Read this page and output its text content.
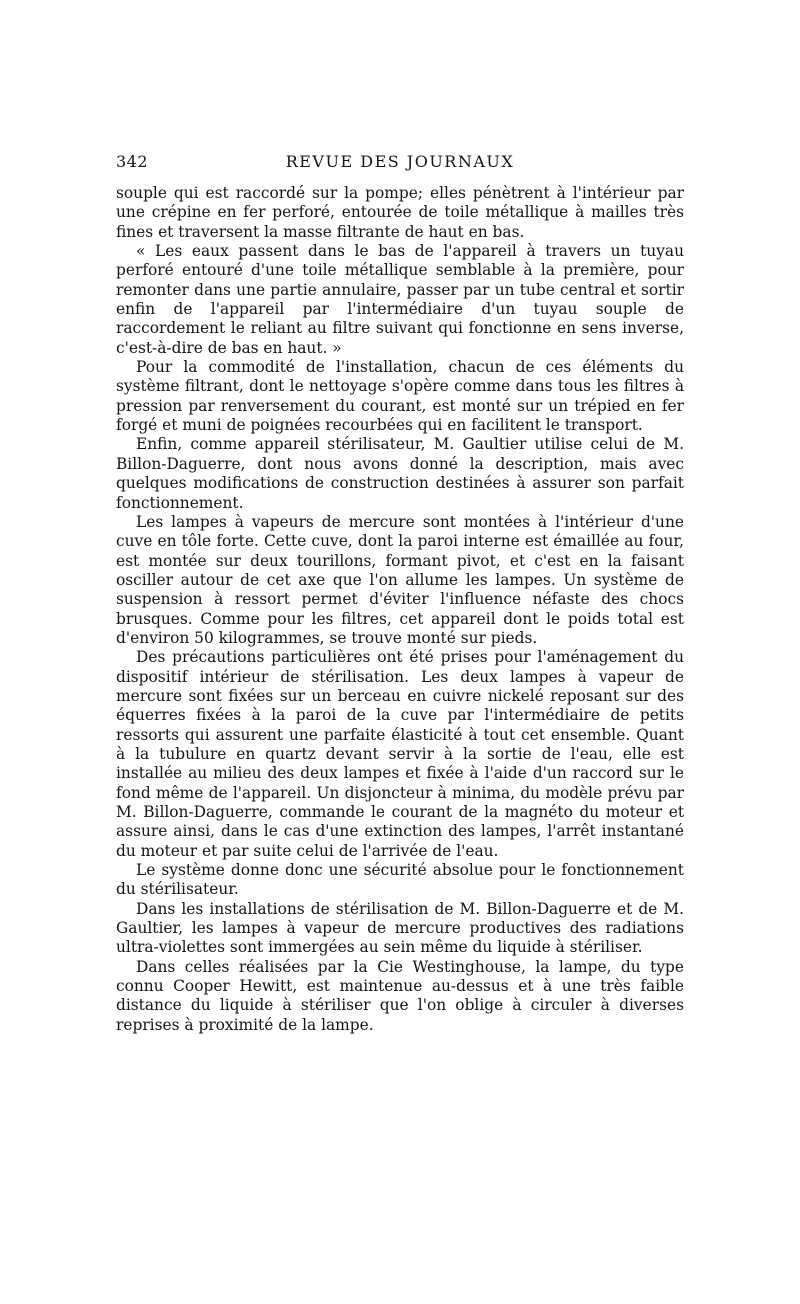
342	REVUE DES JOURNAUX

souple qui est raccordé sur la pompe; elles pénètrent à l'intérieur par une crépine en fer perforé, entourée de toile métallique à mailles très fines et traversent la masse filtrante de haut en bas.

« Les eaux passent dans le bas de l'appareil à travers un tuyau perforé entouré d'une toile métallique semblable à la première, pour remonter dans une partie annulaire, passer par un tube central et sortir enfin de l'appareil par l'intermédiaire d'un tuyau souple de raccordement le reliant au filtre suivant qui fonctionne en sens inverse, c'est-à-dire de bas en haut. »

Pour la commodité de l'installation, chacun de ces éléments du système filtrant, dont le nettoyage s'opère comme dans tous les filtres à pression par renversement du courant, est monté sur un trépied en fer forgé et muni de poignées recourbées qui en facilitent le transport.

Enfin, comme appareil stérilisateur, M. Gaultier utilise celui de M. Billon-Daguerre, dont nous avons donné la description, mais avec quelques modifications de construction destinées à assurer son parfait fonctionnement.

Les lampes à vapeurs de mercure sont montées à l'intérieur d'une cuve en tôle forte. Cette cuve, dont la paroi interne est émaillée au four, est montée sur deux tourillons, formant pivot, et c'est en la faisant osciller autour de cet axe que l'on allume les lampes. Un système de suspension à ressort permet d'éviter l'influence néfaste des chocs brusques. Comme pour les filtres, cet appareil dont le poids total est d'environ 50 kilogrammes, se trouve monté sur pieds.

Des précautions particulières ont été prises pour l'aménagement du dispositif intérieur de stérilisation. Les deux lampes à vapeur de mercure sont fixées sur un berceau en cuivre nickelé reposant sur des équerres fixées à la paroi de la cuve par l'intermédiaire de petits ressorts qui assurent une parfaite élasticité à tout cet ensemble. Quant à la tubulure en quartz devant servir à la sortie de l'eau, elle est installée au milieu des deux lampes et fixée à l'aide d'un raccord sur le fond même de l'appareil. Un disjoncteur à minima, du modèle prévu par M. Billon-Daguerre, commande le courant de la magnéto du moteur et assure ainsi, dans le cas d'une extinction des lampes, l'arrêt instantané du moteur et par suite celui de l'arrivée de l'eau.

Le système donne donc une sécurité absolue pour le fonctionnement du stérilisateur.

Dans les installations de stérilisation de M. Billon-Daguerre et de M. Gaultier, les lampes à vapeur de mercure productives des radiations ultra-violettes sont immergées au sein même du liquide à stériliser.

Dans celles réalisées par la Cie Westinghouse, la lampe, du type connu Cooper Hewitt, est maintenue au-dessus et à une très faible distance du liquide à stériliser que l'on oblige à circuler à diverses reprises à proximité de la lampe.
